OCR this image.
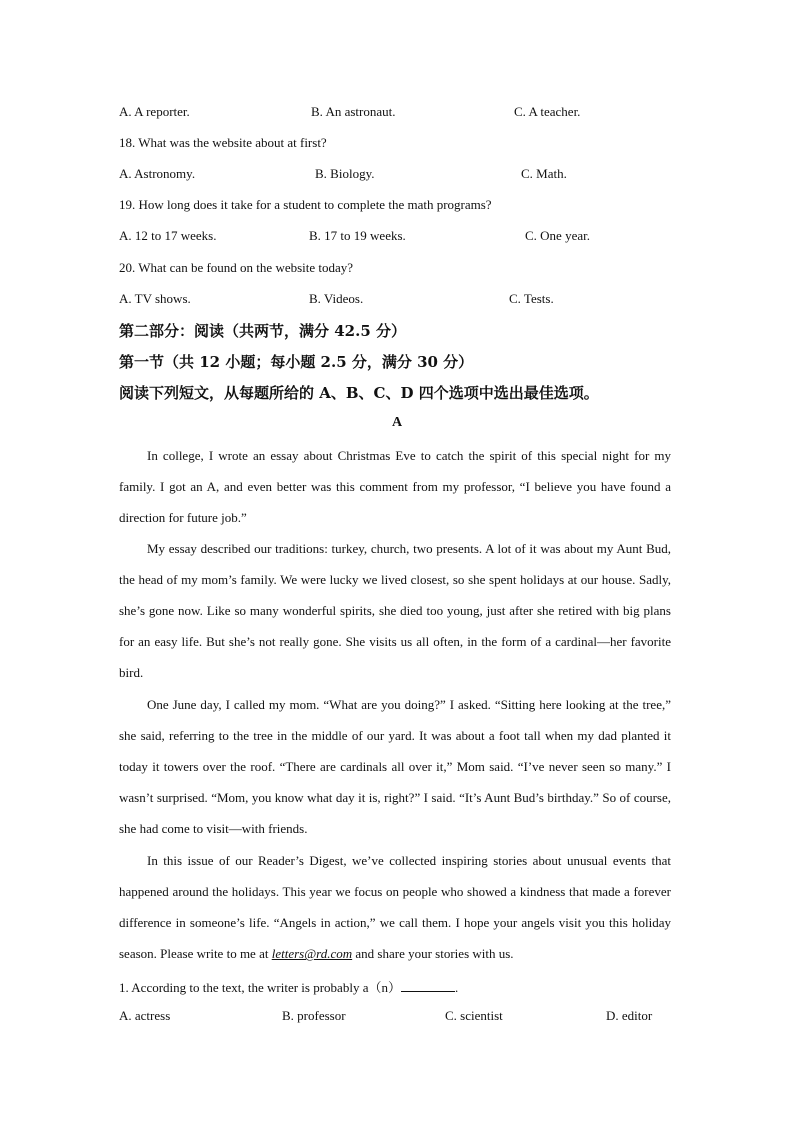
A. A reporter.	B. An astronaut.	C. A teacher.
18. What was the website about at first?
A. Astronomy.	B. Biology.	C. Math.
19. How long does it take for a student to complete the math programs?
A. 12 to 17 weeks.	B. 17 to 19 weeks.	C. One year.
20. What can be found on the website today?
A. TV shows.	B. Videos.	C. Tests.
第二部分：阅读（共两节，满分 42.5 分）
第一节（共 12 小题；每小题 2.5 分，满分 30 分）
阅读下列短文，从每题所给的 A、B、C、D 四个选项中选出最佳选项。
A
In college, I wrote an essay about Christmas Eve to catch the spirit of this special night for my family. I got an A, and even better was this comment from my professor, “I believe you have found a direction for future job.”
My essay described our traditions: turkey, church, two presents. A lot of it was about my Aunt Bud, the head of my mom’s family. We were lucky we lived closest, so she spent holidays at our house. Sadly, she’s gone now. Like so many wonderful spirits, she died too young, just after she retired with big plans for an easy life. But she’s not really gone. She visits us all often, in the form of a cardinal—her favorite bird.
One June day, I called my mom. “What are you doing?” I asked. “Sitting here looking at the tree,” she said, referring to the tree in the middle of our yard. It was about a foot tall when my dad planted it today it towers over the roof. “There are cardinals all over it,” Mom said. “I’ve never seen so many.” I wasn’t surprised. “Mom, you know what day it is, right?” I said. “It’s Aunt Bud’s birthday.” So of course, she had come to visit—with friends.
In this issue of our Reader’s Digest, we’ve collected inspiring stories about unusual events that happened around the holidays. This year we focus on people who showed a kindness that made a forever difference in someone’s life. “Angels in action,” we call them. I hope your angels visit you this holiday season. Please write to me at letters@rd.com and share your stories with us.
1. According to the text, the writer is probably a（n）	.
A. actress	B. professor	C. scientist	D. editor
